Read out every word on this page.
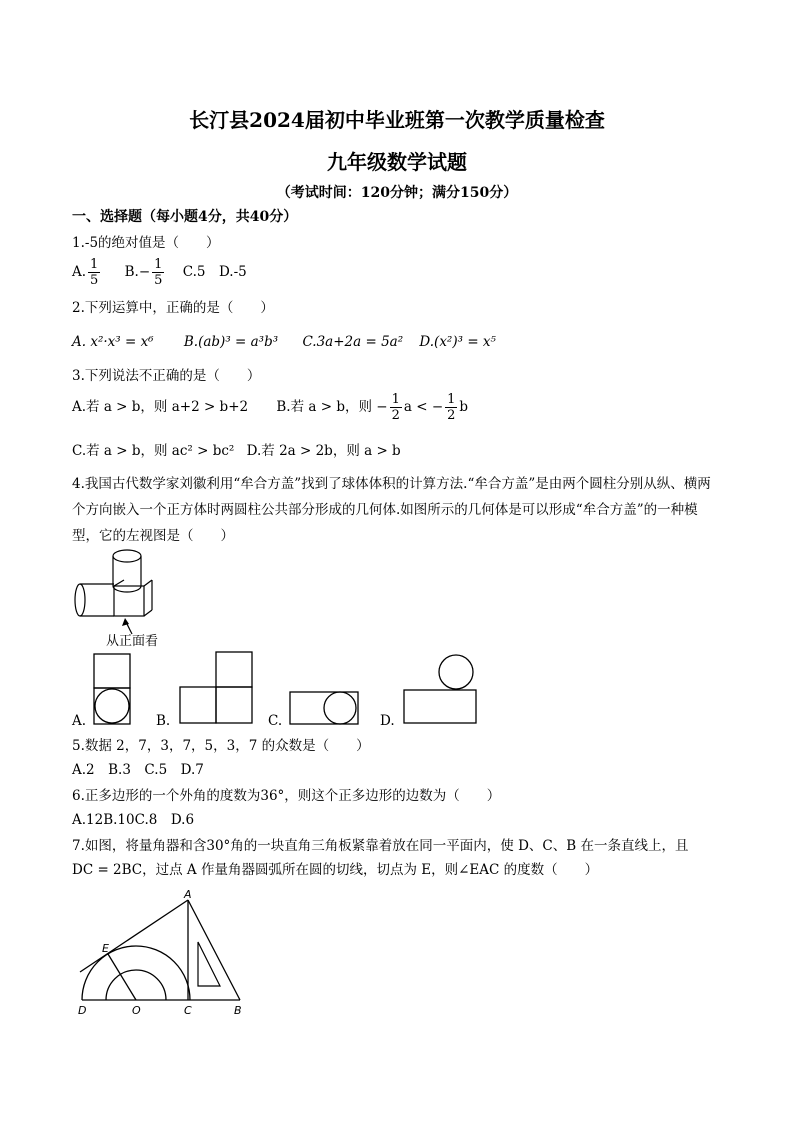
长汀县2024届初中毕业班第一次教学质量检查
九年级数学试题
（考试时间：120分钟；满分150分）
一、选择题（每小题4分，共40分）
1.-5的绝对值是（　　）
A. $\frac{1}{5} B.- \frac{1}{5} C.5$　D.-5
2.下列运算中，正确的是（　　）
A. x²·x³ = x⁶ B.(ab)³ = a³b³ C.3a+2a = 5a² D.(x²)³ = x⁵
3.下列说法不正确的是（　　）
A.若 a > b，则 a+2 > b+2 B.若 a > b，则 − $\frac{1}{2}$ a < − $\frac{1}{2}$ b
C.若 a > b，则 ac² > bc² D.若 2a > 2b，则 a > b
4.我国古代数学家刘徽利用“牟合方盖”找到了球体体积的计算方法.“牟合方盖”是由两个圆柱分别从纵、横两
个方向嵌入一个正方体时两圆柱公共部分形成的几何体.如图所示的几何体是可以形成“牟合方盖”的一种模
型，它的左视图是（　　）
从正面看
A.	B.	C.	D.
5.数据 2，7，3，7，5，3，7 的众数是（　　）
A.2　B.3　C.5　D.7
6.正多边形的一个外角的度数为36°，则这个正多边形的边数为（　　）
A.12B.10C.8　D.6
7.如图，将量角器和含30°角的一块直角三角板紧靠着放在同一平面内，使 D、C、B 在一条直线上，且
DC = 2BC，过点 A 作量角器圆弧所在圆的切线，切点为 E，则∠EAC 的度数（　　）
A
E
D	O	C	B
